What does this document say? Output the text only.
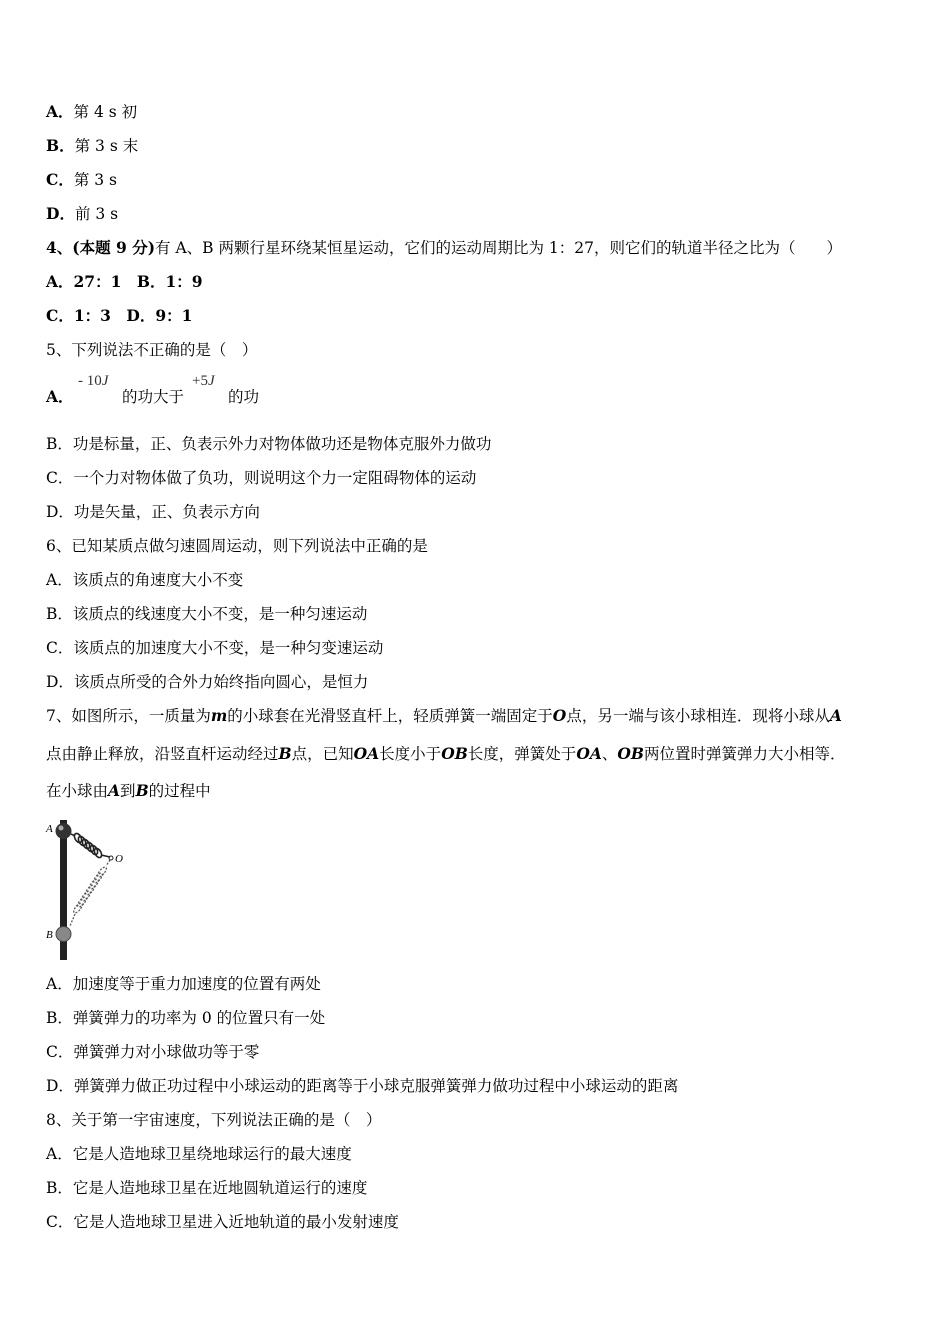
A．第 4 s 初
B．第 3 s 末
C．第 3 s
D．前 3 s
4、(本题 9 分)有 A、B 两颗行星环绕某恒星运动，它们的运动周期比为 1：27，则它们的轨道半径之比为（　　）
A．27：1　B．1：9
C．1：3　D．9：1
5、下列说法不正确的是（　）
A．
- 10J
的功大于
+5J
的功
B．功是标量，正、负表示外力对物体做功还是物体克服外力做功
C．一个力对物体做了负功，则说明这个力一定阻碍物体的运动
D．功是矢量，正、负表示方向
6、已知某质点做匀速圆周运动，则下列说法中正确的是
A．该质点的角速度大小不变
B．该质点的线速度大小不变，是一种匀速运动
C．该质点的加速度大小不变，是一种匀变速运动
D．该质点所受的合外力始终指向圆心，是恒力
7、如图所示，一质量为m的小球套在光滑竖直杆上，轻质弹簧一端固定于O点，另一端与该小球相连．现将小球从A
点由静止释放，沿竖直杆运动经过B点，已知OA长度小于OB长度，弹簧处于OA、OB两位置时弹簧弹力大小相等．
在小球由A到B的过程中
A
O
B
A．加速度等于重力加速度的位置有两处
B．弹簧弹力的功率为 0 的位置只有一处
C．弹簧弹力对小球做功等于零
D．弹簧弹力做正功过程中小球运动的距离等于小球克服弹簧弹力做功过程中小球运动的距离
8、关于第一宇宙速度，下列说法正确的是（　）
A．它是人造地球卫星绕地球运行的最大速度
B．它是人造地球卫星在近地圆轨道运行的速度
C．它是人造地球卫星进入近地轨道的最小发射速度
